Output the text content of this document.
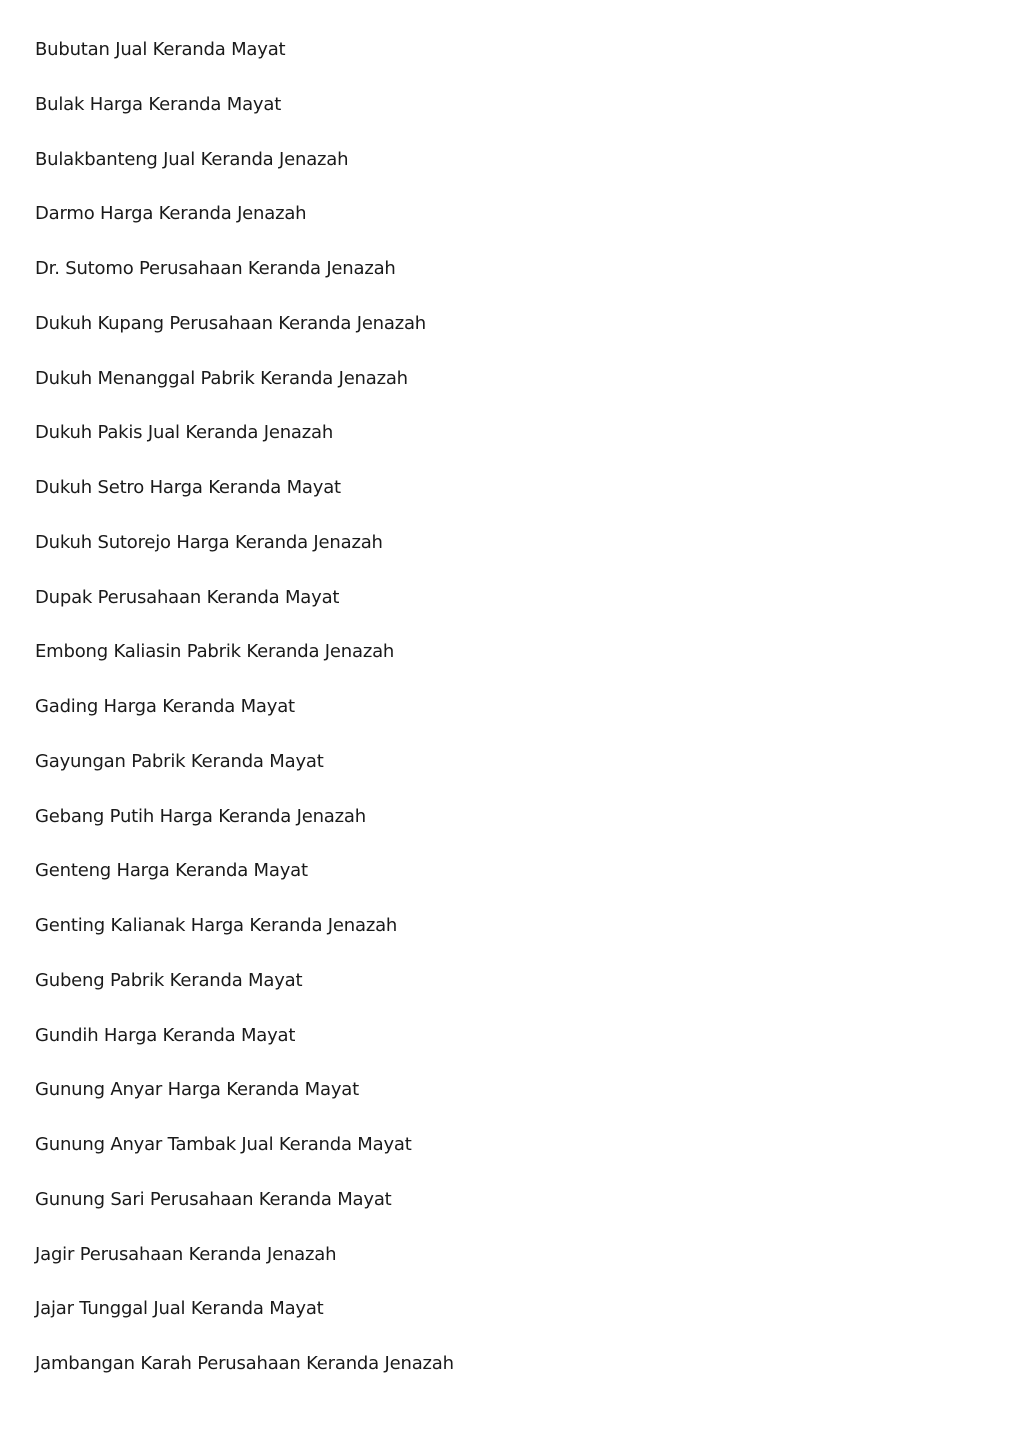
Bubutan Jual Keranda Mayat
Bulak Harga Keranda Mayat
Bulakbanteng Jual Keranda Jenazah
Darmo Harga Keranda Jenazah
Dr. Sutomo Perusahaan Keranda Jenazah
Dukuh Kupang Perusahaan Keranda Jenazah
Dukuh Menanggal Pabrik Keranda Jenazah
Dukuh Pakis Jual Keranda Jenazah
Dukuh Setro Harga Keranda Mayat
Dukuh Sutorejo Harga Keranda Jenazah
Dupak Perusahaan Keranda Mayat
Embong Kaliasin Pabrik Keranda Jenazah
Gading Harga Keranda Mayat
Gayungan Pabrik Keranda Mayat
Gebang Putih Harga Keranda Jenazah
Genteng Harga Keranda Mayat
Genting Kalianak Harga Keranda Jenazah
Gubeng Pabrik Keranda Mayat
Gundih Harga Keranda Mayat
Gunung Anyar Harga Keranda Mayat
Gunung Anyar Tambak Jual Keranda Mayat
Gunung Sari Perusahaan Keranda Mayat
Jagir Perusahaan Keranda Jenazah
Jajar Tunggal Jual Keranda Mayat
Jambangan Karah Perusahaan Keranda Jenazah
